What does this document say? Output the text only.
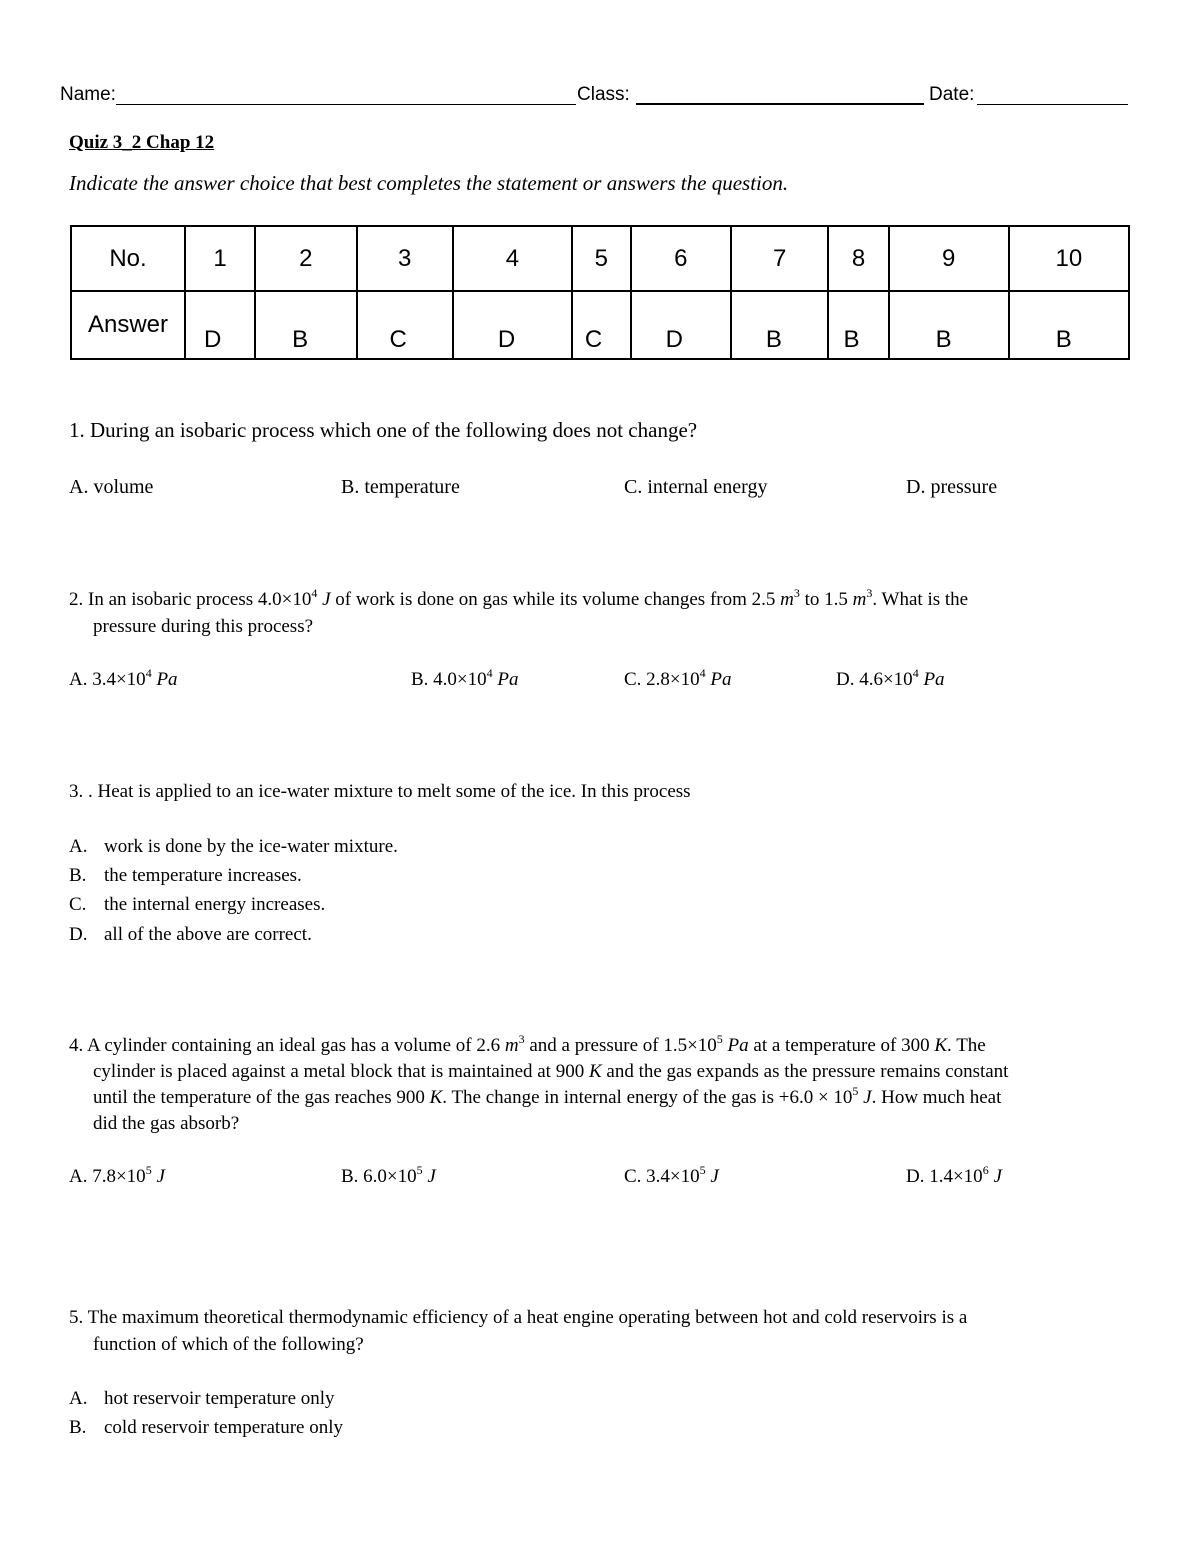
Name:	Class:	Date:
Quiz 3_2 Chap 12
Indicate the answer choice that best completes the statement or answers the question.
No.	1	2	3	4	5	6	7	8	9	10
Answer	D	B	C	D	C	D	B	B	B	B
1. During an isobaric process which one of the following does not change?
A. volume	B. temperature	C. internal energy	D. pressure
2. In an isobaric process $4.0\times 10^4$ J of work is done on gas while its volume changes from 2.5 $m^3$ to 1.5 $m^3$. What is the
pressure during this process?
A. $3.4\times 10^4$ Pa	B. $4.0\times 10^4$ Pa	C. $2.8\times 10^4$ Pa	D. $4.6\times 10^4$ Pa
3. . Heat is applied to an ice-water mixture to melt some of the ice. In this process
A. work is done by the ice-water mixture.
B. the temperature increases.
C. the internal energy increases.
D. all of the above are correct.
4. A cylinder containing an ideal gas has a volume of 2.6 $m^3$ and a pressure of $1.5\times 10^5$ Pa at a temperature of 300 K. The
cylinder is placed against a metal block that is maintained at 900 K and the gas expands as the pressure remains constant
until the temperature of the gas reaches 900 K. The change in internal energy of the gas is $+6.0 \times 10^5$ J. How much heat
did the gas absorb?
A. $7.8\times 10^5$ J	B. $6.0\times 10^5$ J	C. $3.4\times 10^5$ J	D. $1.4\times 10^6$ J
5. The maximum theoretical thermodynamic efficiency of a heat engine operating between hot and cold reservoirs is a
function of which of the following?
A. hot reservoir temperature only
B. cold reservoir temperature only
